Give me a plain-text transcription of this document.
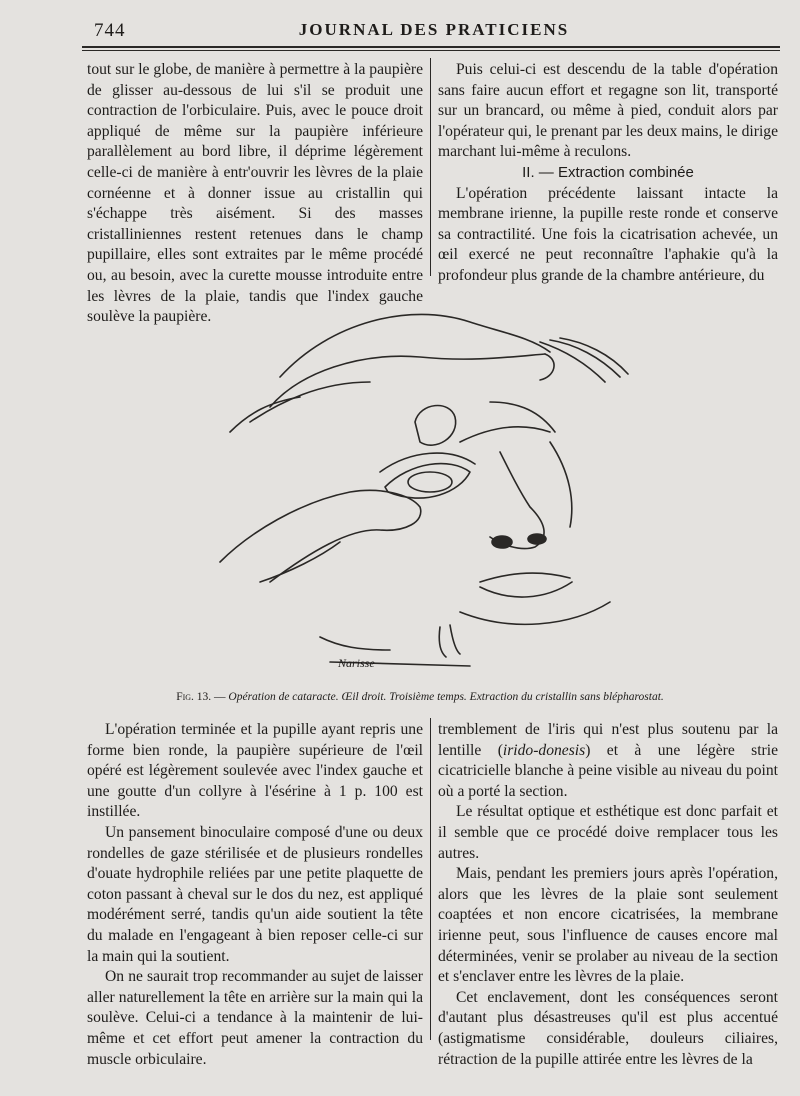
744	JOURNAL DES PRATICIENS

tout sur le globe, de manière à permettre à la paupière de glisser au-dessous de lui s'il se produit une contraction de l'orbiculaire. Puis, avec le pouce droit appliqué de même sur la paupière inférieure parallèlement au bord libre, il déprime légèrement celle-ci de manière à entr'ouvrir les lèvres de la plaie cornéenne et à donner issue au cristallin qui s'échappe très aisément. Si des masses cristalliniennes restent retenues dans le champ pupillaire, elles sont extraites par le même procédé ou, au besoin, avec la curette mousse introduite entre les lèvres de la plaie, tandis que l'index gauche soulève la paupière.

Puis celui-ci est descendu de la table d'opération sans faire aucun effort et regagne son lit, transporté sur un brancard, ou même à pied, conduit alors par l'opérateur qui, le prenant par les deux mains, le dirige marchant lui-même à reculons.

II. — Extraction combinée

L'opération précédente laissant intacte la membrane irienne, la pupille reste ronde et conserve sa contractilité. Une fois la cicatrisation achevée, un œil exercé ne peut reconnaître l'aphakie qu'à la profondeur plus grande de la chambre antérieure, du

Narisse
Fig. 13. — Opération de cataracte. Œil droit. Troisième temps. Extraction du cristallin sans blépharostat.

L'opération terminée et la pupille ayant repris une forme bien ronde, la paupière supérieure de l'œil opéré est légèrement soulevée avec l'index gauche et une goutte d'un collyre à l'ésérine à 1 p. 100 est instillée.

Un pansement binoculaire composé d'une ou deux rondelles de gaze stérilisée et de plusieurs rondelles d'ouate hydrophile reliées par une petite plaquette de coton passant à cheval sur le dos du nez, est appliqué modérément serré, tandis qu'un aide soutient la tête du malade en l'engageant à bien reposer celle-ci sur la main qui la soutient.

On ne saurait trop recommander au sujet de laisser aller naturellement la tête en arrière sur la main qui la soulève. Celui-ci a tendance à la maintenir de lui-même et cet effort peut amener la contraction du muscle orbiculaire.

tremblement de l'iris qui n'est plus soutenu par la lentille (irido-donesis) et à une légère strie cicatricielle blanche à peine visible au niveau du point où a porté la section.

Le résultat optique et esthétique est donc parfait et il semble que ce procédé doive remplacer tous les autres.

Mais, pendant les premiers jours après l'opération, alors que les lèvres de la plaie sont seulement coaptées et non encore cicatrisées, la membrane irienne peut, sous l'influence de causes encore mal déterminées, venir se prolaber au niveau de la section et s'enclaver entre les lèvres de la plaie.

Cet enclavement, dont les conséquences seront d'autant plus désastreuses qu'il est plus accentué (astigmatisme considérable, douleurs ciliaires, rétraction de la pupille attirée entre les lèvres de la
